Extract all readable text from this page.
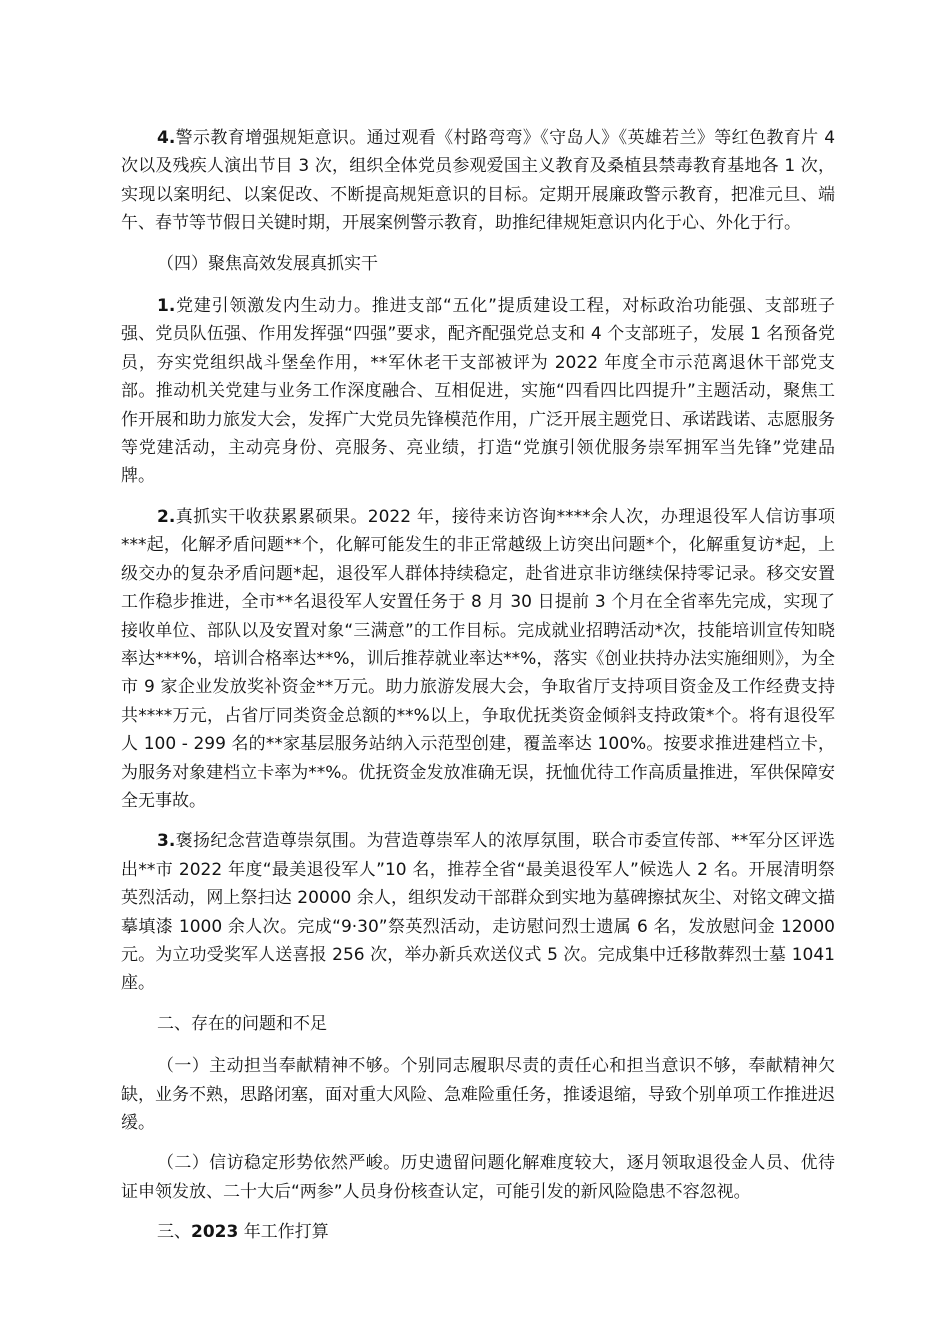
4.警示教育增强规矩意识。通过观看《村路弯弯》《守岛人》《英雄若兰》等红色教育片 4 次以及残疾人演出节目 3 次，组织全体党员参观爱国主义教育及桑植县禁毒教育基地各 1 次，实现以案明纪、以案促改、不断提高规矩意识的目标。定期开展廉政警示教育，把准元旦、端午、春节等节假日关键时期，开展案例警示教育，助推纪律规矩意识内化于心、外化于行。

（四）聚焦高效发展真抓实干

1.党建引领激发内生动力。推进支部“五化”提质建设工程，对标政治功能强、支部班子强、党员队伍强、作用发挥强“四强”要求，配齐配强党总支和 4 个支部班子，发展 1 名预备党员，夯实党组织战斗堡垒作用，**军休老干支部被评为 2022 年度全市示范离退休干部党支部。推动机关党建与业务工作深度融合、互相促进，实施“四看四比四提升”主题活动，聚焦工作开展和助力旅发大会，发挥广大党员先锋模范作用，广泛开展主题党日、承诺践诺、志愿服务等党建活动，主动亮身份、亮服务、亮业绩，打造“党旗引领优服务崇军拥军当先锋”党建品牌。

2.真抓实干收获累累硕果。2022 年，接待来访咨询****余人次，办理退役军人信访事项***起，化解矛盾问题**个，化解可能发生的非正常越级上访突出问题*个，化解重复访*起，上级交办的复杂矛盾问题*起，退役军人群体持续稳定，赴省进京非访继续保持零记录。移交安置工作稳步推进，全市**名退役军人安置任务于 8 月 30 日提前 3 个月在全省率先完成，实现了接收单位、部队以及安置对象“三满意”的工作目标。完成就业招聘活动*次，技能培训宣传知晓率达***%，培训合格率达**%，训后推荐就业率达**%，落实《创业扶持办法实施细则》，为全市 9 家企业发放奖补资金**万元。助力旅游发展大会，争取省厅支持项目资金及工作经费支持共****万元，占省厅同类资金总额的**%以上，争取优抚类资金倾斜支持政策*个。将有退役军人 100 - 299 名的**家基层服务站纳入示范型创建，覆盖率达 100%。按要求推进建档立卡，为服务对象建档立卡率为**%。优抚资金发放准确无误，抚恤优待工作高质量推进，军供保障安全无事故。

3.褒扬纪念营造尊崇氛围。为营造尊崇军人的浓厚氛围，联合市委宣传部、**军分区评选出**市 2022 年度“最美退役军人”10 名，推荐全省“最美退役军人”候选人 2 名。开展清明祭英烈活动，网上祭扫达 20000 余人，组织发动干部群众到实地为墓碑擦拭灰尘、对铭文碑文描摹填漆 1000 余人次。完成“9·30”祭英烈活动，走访慰问烈士遗属 6 名，发放慰问金 12000 元。为立功受奖军人送喜报 256 次，举办新兵欢送仪式 5 次。完成集中迁移散葬烈士墓 1041 座。

二、存在的问题和不足

（一）主动担当奉献精神不够。个别同志履职尽责的责任心和担当意识不够，奉献精神欠缺，业务不熟，思路闭塞，面对重大风险、急难险重任务，推诿退缩，导致个别单项工作推进迟缓。

（二）信访稳定形势依然严峻。历史遗留问题化解难度较大，逐月领取退役金人员、优待证申领发放、二十大后“两参”人员身份核查认定，可能引发的新风险隐患不容忽视。

三、2023 年工作打算
